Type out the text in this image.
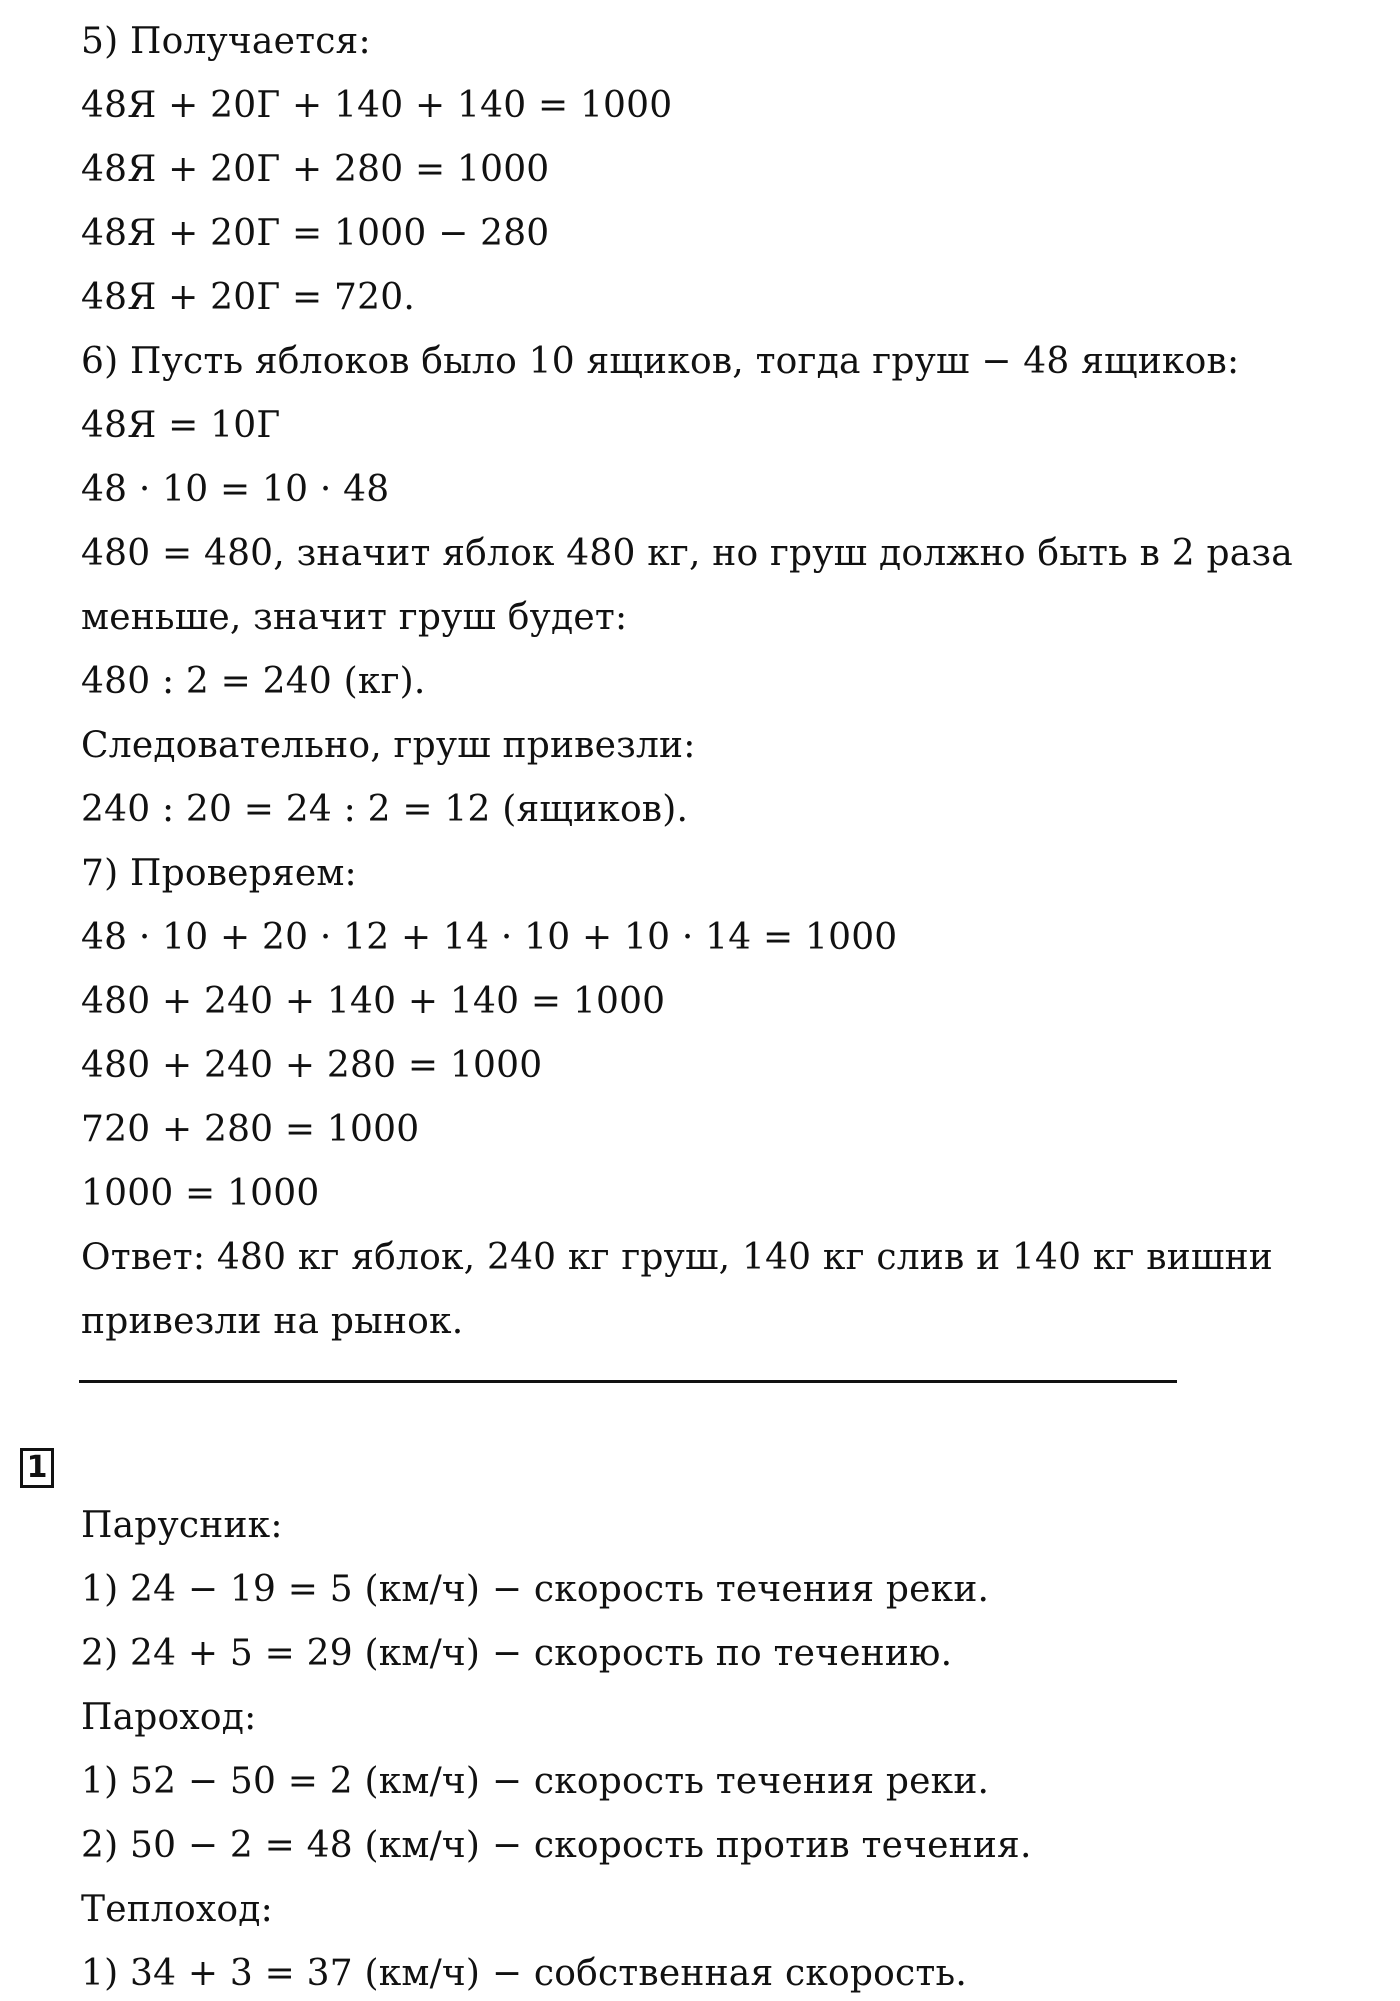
5) Получается:
48Я + 20Г + 140 + 140 = 1000
48Я + 20Г + 280 = 1000
48Я + 20Г = 1000 − 280
48Я + 20Г = 720.
6) Пусть яблоков было 10 ящиков, тогда груш − 48 ящиков:
48Я = 10Г
48 · 10 = 10 · 48
480 = 480, значит яблок 480 кг, но груш должно быть в 2 раза
меньше, значит груш будет:
480 : 2 = 240 (кг).
Следовательно, груш привезли:
240 : 20 = 24 : 2 = 12 (ящиков).
7) Проверяем:
48 · 10 + 20 · 12 + 14 · 10 + 10 · 14 = 1000
480 + 240 + 140 + 140 = 1000
480 + 240 + 280 = 1000
720 + 280 = 1000
1000 = 1000
Ответ: 480 кг яблок, 240 кг груш, 140 кг слив и 140 кг вишни
привезли на рынок.
1
Парусник:
1) 24 − 19 = 5 (км/ч) − скорость течения реки.
2) 24 + 5 = 29 (км/ч) − скорость по течению.
Пароход:
1) 52 − 50 = 2 (км/ч) − скорость течения реки.
2) 50 − 2 = 48 (км/ч) − скорость против течения.
Теплоход:
1) 34 + 3 = 37 (км/ч) − собственная скорость.
